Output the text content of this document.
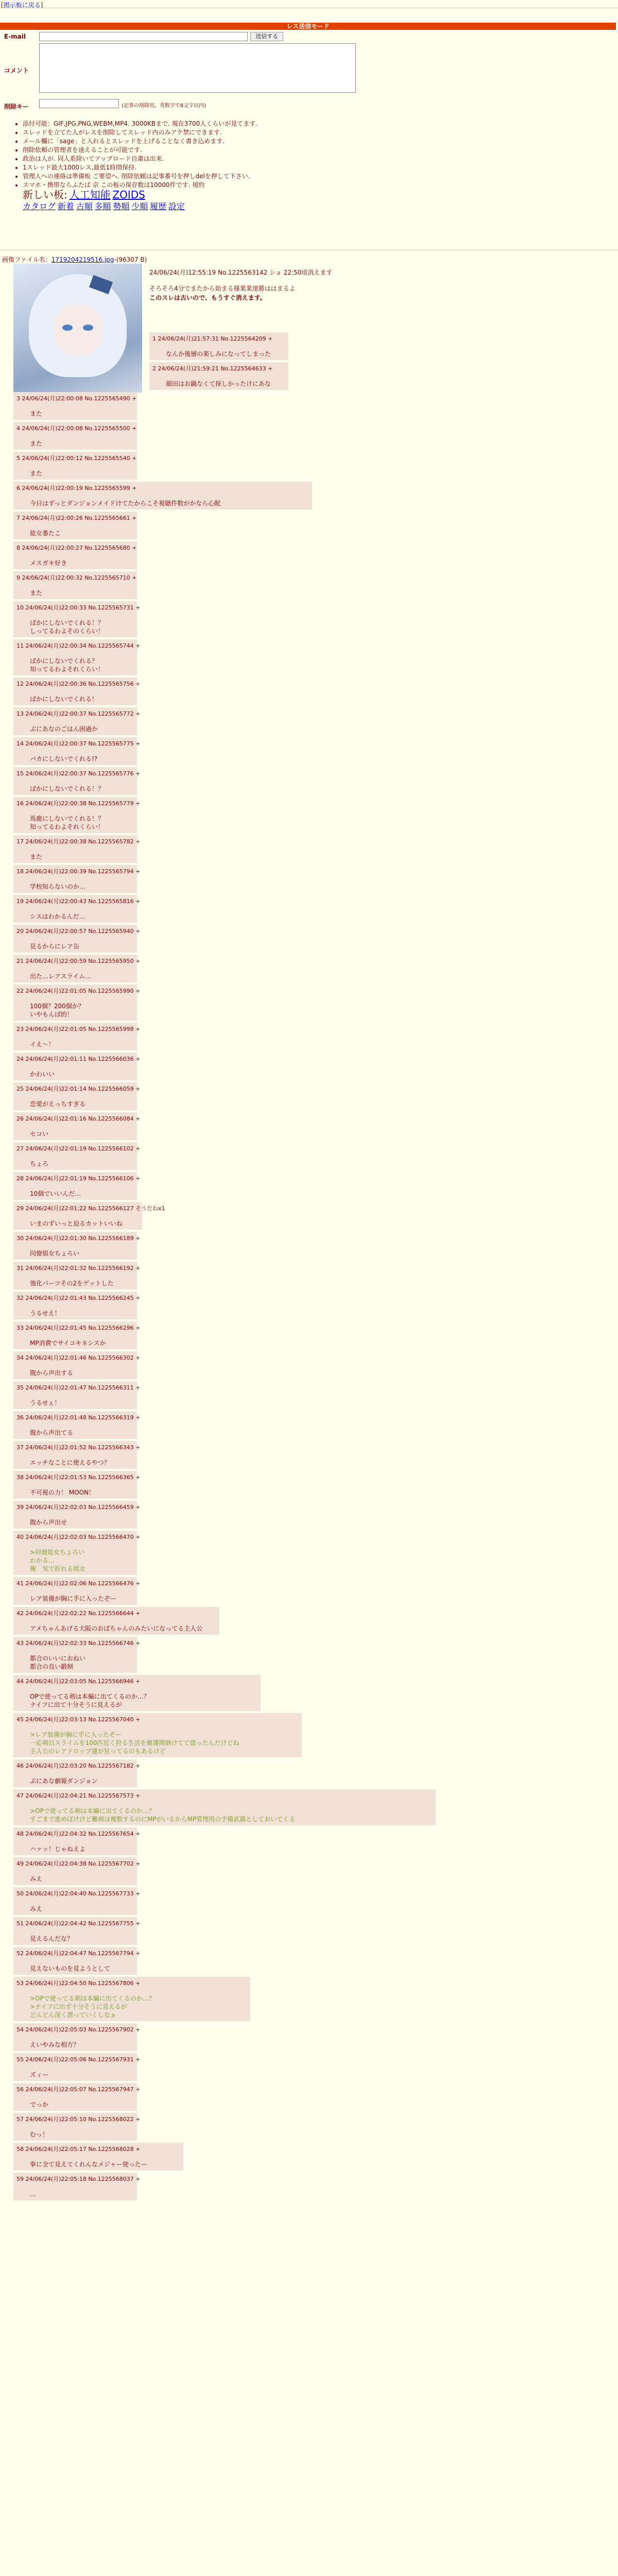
[掲示板に戻る]
レス送信モード
E-mail	送信する
コメント
削除キー	(記事の削除用。英数字で8文字以内)
• 添付可能：GIF,JPG,PNG,WEBM,MP4. 3000KBまで. 現在3700人くらいが見てます.
• スレッドを立てた人がレスを削除してスレッド内のみアク禁にできます.
• メール欄に「sage」と入れるとスレッドを上げることなく書き込めます.
• 削除依頼の管理者を迷えることが可能です.
• 政治は人が. 同人系除いてアップロード自粛は出来.
• 1スレッド最大1000レス,最低1時間保持.
• 管理人への連絡は準備板 ご要望へ. 削除依頼は記事番号を押しdelを押して下さい.
• スマホ・携帯ならふたば 京 この板の保存数は10000件です. 規約
新しい板: 人工知能 ZOIDS
カタログ 新着 古順 多順 勢順 少順 履歴 設定
画像ファイル名：1719204219516.jpg-(96307 B)
24/06/24(月)12:55:19 No.1225563142 ショ 22:50頃消えます
そろそろ4分でまたから始まる様業業達勝ははまるよ
このスレは古いので、もうすぐ消えます。
1 24/06/24(月)21:57:31 No.1225564209 +
なんか後層の楽しみになってしまった
2 24/06/24(月)21:59:21 No.1225564633 +
顔田はお鍋なくて探しかったけにあな
3 24/06/24(月)22:00:08 No.1225565490 +
また
4 24/06/24(月)22:00:08 No.1225565500 +
また
5 24/06/24(月)22:00:12 No.1225565540 +
また
6 24/06/24(月)22:00:19 No.1225565599 +
今日はずっとダンジョンメイドけてたからこそ視聴件数がかなら心配
7 24/06/24(月)22:00:26 No.1225565661 +
総女萎たこ
8 24/06/24(月)22:00:27 No.1225565680 +
メスガキ好き
9 24/06/24(月)22:00:32 No.1225565710 +
また
10 24/06/24(月)22:00:33 No.1225565731 +
ばかにしないでくれる！？
しってるわよそのくらい！
11 24/06/24(月)22:00:34 No.1225565744 +
ばかにしないでくれる？
知ってるわよそれくらい！
12 24/06/24(月)22:00:36 No.1225565756 +
ばかにしないでくれる！
13 24/06/24(月)22:00:37 No.1225565772 +
ぶにあなのごはん困過か
14 24/06/24(月)22:00:37 No.1225565775 +
バカにしないでくれる!?
15 24/06/24(月)22:00:37 No.1225565776 +
ばかにしないでくれる！？
16 24/06/24(月)22:00:38 No.1225565779 +
馬鹿にしないでくれる！？
知ってるわよそれくらい！
17 24/06/24(月)22:00:38 No.1225565782 +
また
18 24/06/24(月)22:00:39 No.1225565794 +
学校知らないのか…
19 24/06/24(月)22:00:43 No.1225565816 +
シスはわかるんだ…
20 24/06/24(月)22:00:57 No.1225565940 +
見るからにレア缶
21 24/06/24(月)22:00:59 No.1225565950 +
出た…レアスライム…
22 24/06/24(月)22:01:05 No.1225565990 +
100個？200個か？
いやもんぱ的！
23 24/06/24(月)22:01:05 No.1225565998 +
イえ～！
24 24/06/24(月)22:01:11 No.1225566036 +
かわいい
25 24/06/24(月)22:01:14 No.1225566059 +
恋愛がえっちすぎる
26 24/06/24(月)22:01:16 No.1225566084 +
セコい
27 24/06/24(月)22:01:19 No.1225566102 +
ちょろ
28 24/06/24(月)22:01:19 No.1225566106 +
10個でいいんだ…
29 24/06/24(月)22:01:22 No.1225566127 そうだねx1
いまのずいっと迫るカットいいね
30 24/06/24(月)22:01:30 No.1225566189 +
同僚姐女ちょろい
31 24/06/24(月)22:01:32 No.1225566192 +
強化パーツその2をゲットした
32 24/06/24(月)22:01:43 No.1225566245 +
うるせえ！
33 24/06/24(月)22:01:45 No.1225566296 +
MP消費でサイコキネシスか
34 24/06/24(月)22:01:46 No.1225566302 +
腹から声出する
35 24/06/24(月)22:01:47 No.1225566311 +
うるせぇ！
36 24/06/24(月)22:01:48 No.1225566319 +
腹から声出てる
37 24/06/24(月)22:01:52 No.1225566343 +
エッチなことに使えるやつ？
38 24/06/24(月)22:01:53 No.1225566365 +
不可視の力！ MOON！
39 24/06/24(月)22:02:03 No.1225566459 +
腹から声出せ
40 24/06/24(月)22:02:03 No.1225566470 +
>同僚姐女ちょろい
わかる…
俺　気で折れる姐女
41 24/06/24(月)22:02:06 No.1225566476 +
レア装備が胸に手に入ったぞー
42 24/06/24(月)22:02:22 No.1225566644 +
アメちゃんあげる大阪のおばちゃんのみたいになってる主人公
43 24/06/24(月)22:02:33 No.1225566746 +
都合のいいにおねい
都合の良い鍛制
44 24/06/24(月)22:03:05 No.1225566946 +
OPで使ってる剣は本編に出てくるのか…？
ナイフに出て十分そうに見えるが
45 24/06/24(月)22:03:13 No.1225567040 +
>レア装備が胸に手に入ったぞー
一応剣日スライムを100匹近く狩る生活を雑選関納けてて惚ったんだけどね
主人公のレアドロップ運が狂ってるのもあるけど
46 24/06/24(月)22:03:20 No.1225567182 +
ぶにあな劇報ダンジョン
47 24/06/24(月)22:04:21 No.1225567573 +
>OPで使ってる剣は本編に出てくるのか…？
すごまで進めばけけど難剣は複数するのにMPがいるからMP管理用の予備武器としておいてくる
48 24/06/24(月)22:04:32 No.1225567654 +
ハァッ！じゃねえよ
49 24/06/24(月)22:04:38 No.1225567702 +
みえ
50 24/06/24(月)22:04:40 No.1225567733 +
みえ
51 24/06/24(月)22:04:42 No.1225567755 +
見えるんだな？
52 24/06/24(月)22:04:47 No.1225567794 +
見えないものを見ようとして
53 24/06/24(月)22:04:50 No.1225567806 +
>OPで使ってる剣は本編に出てくるのか…？
>ナイフに出ず十分そうに見えるが
どんどん深く潜っていくしなぁ
54 24/06/24(月)22:05:03 No.1225567902 +
えいやみな相方？
55 24/06/24(月)22:05:06 No.1225567931 +
ズィー
56 24/06/24(月)22:05:07 No.1225567947 +
でっか
57 24/06/24(月)22:05:10 No.1225568022 +
むっ！
58 24/06/24(月)22:05:17 No.1225568028 +
拳に全て見えてくれんなメジャー使ったー
59 24/06/24(月)22:05:18 No.1225568037 +
…
